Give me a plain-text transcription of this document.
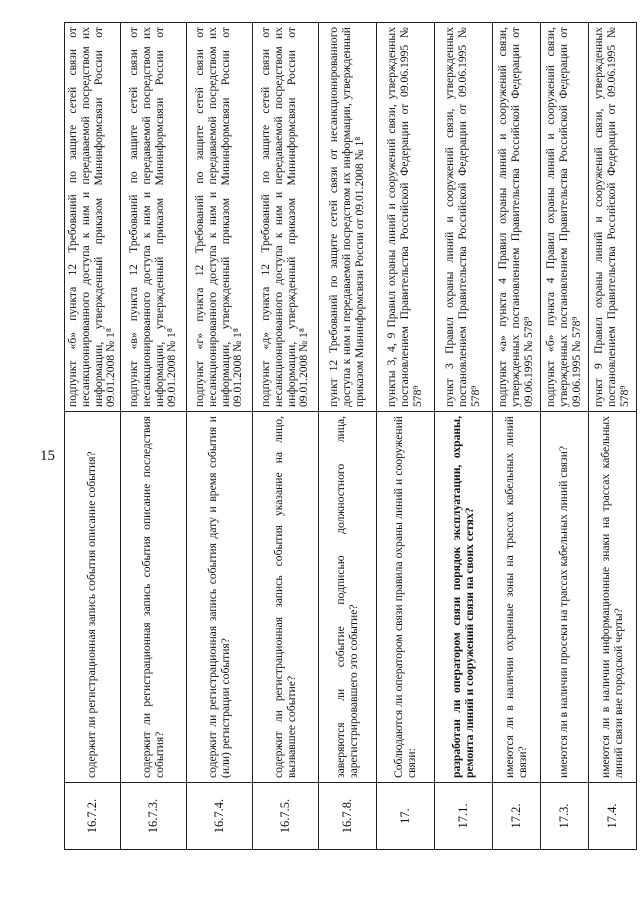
15
16.7.2.	содержит ли регистрационная запись события описание события?	подпункт «б» пункта 12 Требований по защите сетей связи от несанкционированного доступа к ним и передаваемой посредством их информации, утвержденный приказом Мининформсвязи России от 09.01.2008 № 1⁸

16.7.3.	содержит ли регистрационная запись события описание последствия события?	подпункт «в» пункта 12 Требований по защите сетей связи от несанкционированного доступа к ним и передаваемой посредством их информации, утвержденный приказом Мининформсвязи России от 09.01.2008 № 1⁸

16.7.4.	содержит ли регистрационная запись события дату и время события и (или) регистрации события?	подпункт «г» пункта 12 Требований по защите сетей связи от несанкционированного доступа к ним и передаваемой посредством их информации, утвержденный приказом Мининформсвязи России от 09.01.2008 № 1⁸

16.7.5.	содержит ли регистрационная запись события указание на лицо, вызвавшее событие?	подпункт «д» пункта 12 Требований по защите сетей связи от несанкционированного доступа к ним и передаваемой посредством их информации, утвержденный приказом Мининформсвязи России от 09.01.2008 № 1⁸

16.7.8.	заверяются ли событие подписью должностного лица, зарегистрировавшего это событие?	пункт 12 Требований по защите сетей связи от несанкционированного доступа к ним и передаваемой посредством их информации, утвержденный приказом Мининформсвязи России от 09.01.2008 № 1⁸

17.	Соблюдаются ли оператором связи правила охраны линий и сооружений связи:	пункты 3, 4, 9 Правил охраны линий и сооружений связи, утвержденных постановлением Правительства Российской Федерации от 09.06.1995 № 578⁹

17.1.	разработан ли оператором связи порядок эксплуатации, охраны, ремонта линий и сооружений связи на своих сетях?	пункт 3 Правил охраны линий и сооружений связи, утвержденных постановлением Правительства Российской Федерации от 09.06.1995 № 578⁹

17.2.	имеются ли в наличии охранные зоны на трассах кабельных линий связи?	подпункт «а» пункта 4 Правил охраны линий и сооружений связи, утвержденных постановлением Правительства Российской Федерации от 09.06.1995 № 578⁹

17.3.	имеются ли в наличии просеки на трассах кабельных линий связи?	подпункт «б» пункта 4 Правил охраны линий и сооружений связи, утвержденных постановлением Правительства Российской Федерации от 09.06.1995 № 578⁹

17.4.	имеются ли в наличии информационные знаки на трассах кабельных линий связи вне городской черты?	пункт 9 Правил охраны линий и сооружений связи, утвержденных постановлением Правительства Российской Федерации от 09.06.1995 № 578⁹
